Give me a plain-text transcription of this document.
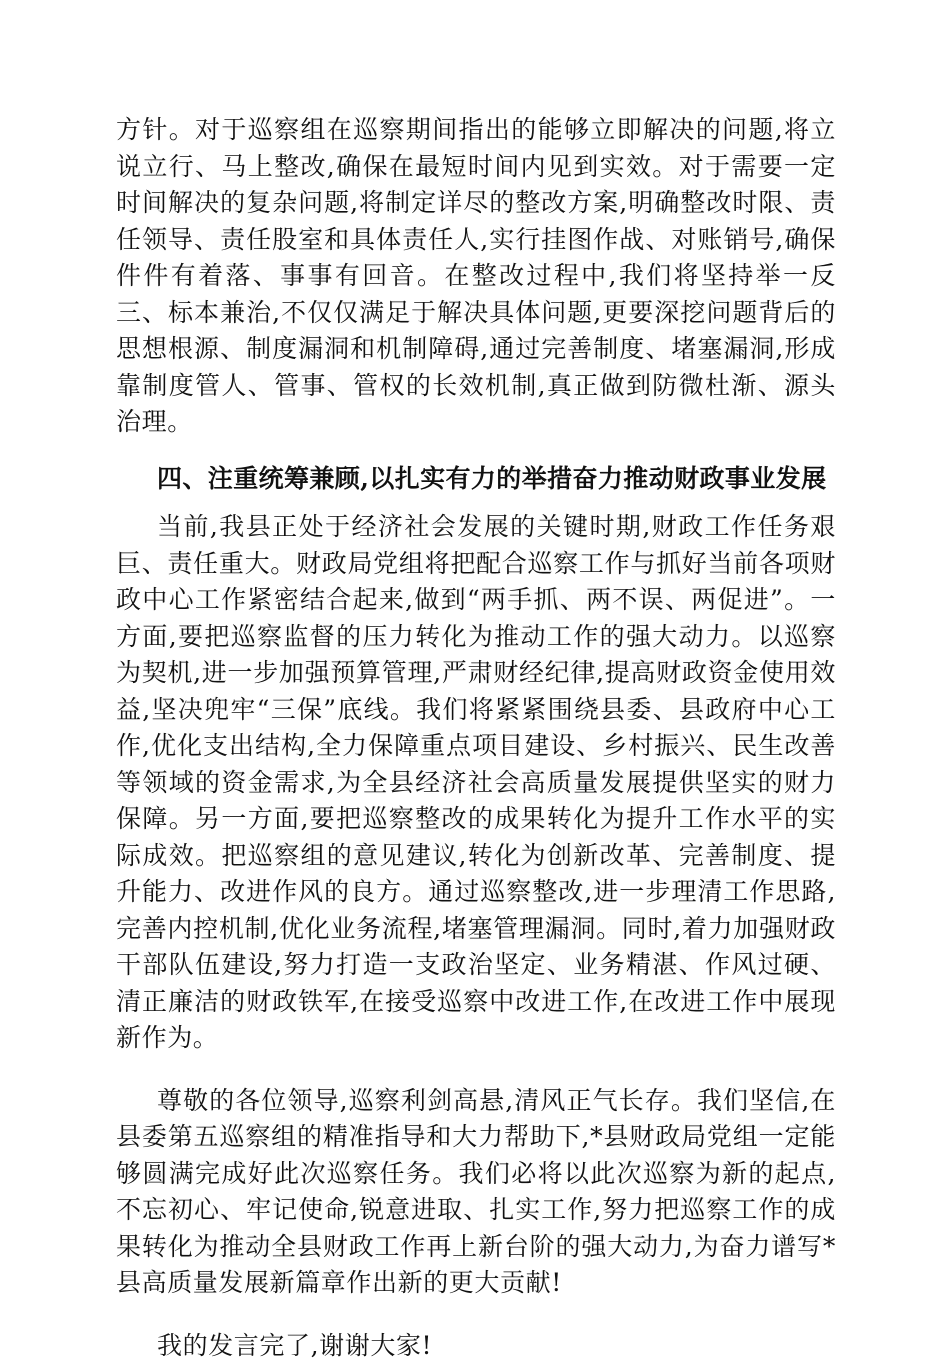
方针。对于巡察组在巡察期间指出的能够立即解决的问题,将立说立行、马上整改,确保在最短时间内见到实效。对于需要一定时间解决的复杂问题,将制定详尽的整改方案,明确整改时限、责任领导、责任股室和具体责任人,实行挂图作战、对账销号,确保件件有着落、事事有回音。在整改过程中,我们将坚持举一反三、标本兼治,不仅仅满足于解决具体问题,更要深挖问题背后的思想根源、制度漏洞和机制障碍,通过完善制度、堵塞漏洞,形成靠制度管人、管事、管权的长效机制,真正做到防微杜渐、源头治理。

四、注重统筹兼顾,以扎实有力的举措奋力推动财政事业发展

当前,我县正处于经济社会发展的关键时期,财政工作任务艰巨、责任重大。财政局党组将把配合巡察工作与抓好当前各项财政中心工作紧密结合起来,做到“两手抓、两不误、两促进”。一方面,要把巡察监督的压力转化为推动工作的强大动力。以巡察为契机,进一步加强预算管理,严肃财经纪律,提高财政资金使用效益,坚决兜牢“三保”底线。我们将紧紧围绕县委、县政府中心工作,优化支出结构,全力保障重点项目建设、乡村振兴、民生改善等领域的资金需求,为全县经济社会高质量发展提供坚实的财力保障。另一方面,要把巡察整改的成果转化为提升工作水平的实际成效。把巡察组的意见建议,转化为创新改革、完善制度、提升能力、改进作风的良方。通过巡察整改,进一步理清工作思路,完善内控机制,优化业务流程,堵塞管理漏洞。同时,着力加强财政干部队伍建设,努力打造一支政治坚定、业务精湛、作风过硬、清正廉洁的财政铁军,在接受巡察中改进工作,在改进工作中展现新作为。

尊敬的各位领导,巡察利剑高悬,清风正气长存。我们坚信,在县委第五巡察组的精准指导和大力帮助下,*县财政局党组一定能够圆满完成好此次巡察任务。我们必将以此次巡察为新的起点,不忘初心、牢记使命,锐意进取、扎实工作,努力把巡察工作的成果转化为推动全县财政工作再上新台阶的强大动力,为奋力谱写*县高质量发展新篇章作出新的更大贡献!

我的发言完了,谢谢大家!
